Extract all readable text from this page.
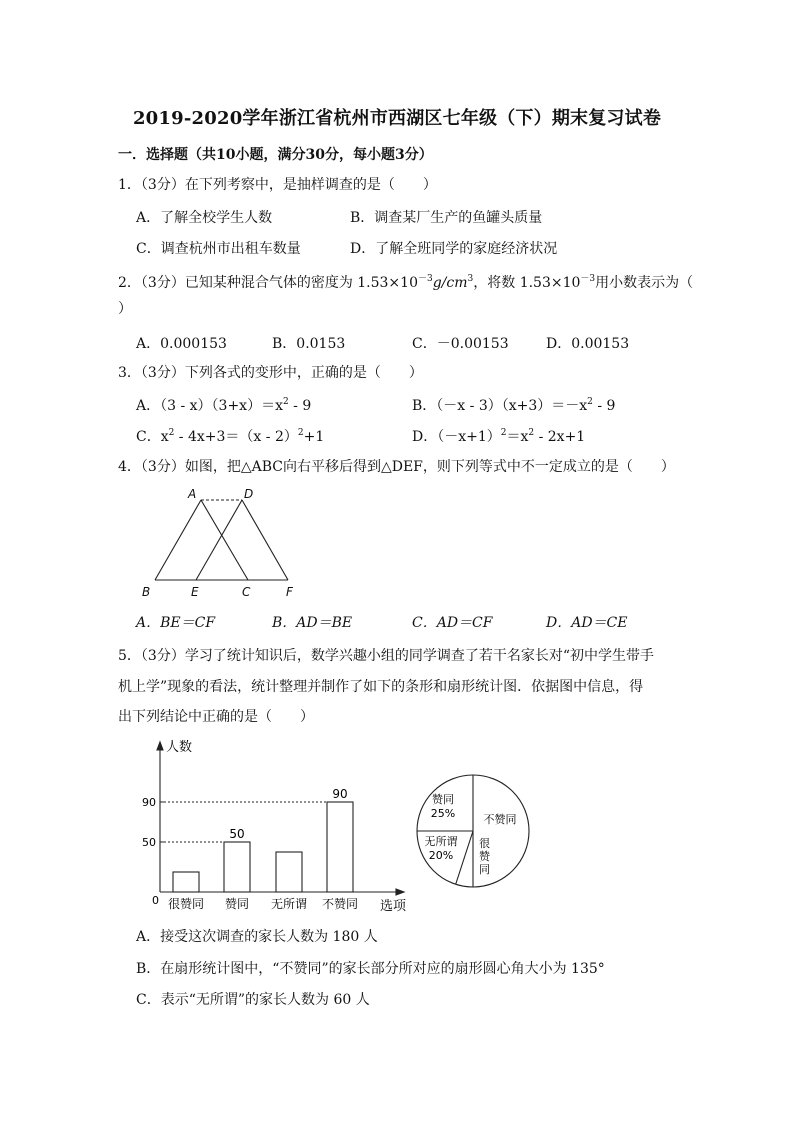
2019-2020学年浙江省杭州市西湖区七年级（下）期末复习试卷
一．选择题（共10小题，满分30分，每小题3分）
1．（3分）在下列考察中，是抽样调查的是（　　）
A．了解全校学生人数	B．调查某厂生产的鱼罐头质量
C．调查杭州市出租车数量	D．了解全班同学的家庭经济状况
2．（3分）已知某种混合气体的密度为 $1.53\times 10^{-3}g/cm^3$，将数 $1.53\times 10^{-3}$用小数表示为（
）
A．0.000153	B．0.0153	C．－0.00153	D．0.00153
3．（3分）下列各式的变形中，正确的是（　　）
A．$(3 - x)(3+x)=x^2 - 9$	B．$(-x - 3)(x+3)=-x^2 - 9$
C．$x^2 - 4x+3=(x - 2)^2+1$	D．$(-x+1)^2=x^2 - 2x+1$
4．（3分）如图，把△ABC向右平移后得到△DEF，则下列等式中不一定成立的是（　　）
A	D
B	E	C	F
A．BE＝CF	B．AD＝BE	C．AD＝CF	D．AD＝CE
5．（3分）学习了统计知识后，数学兴趣小组的同学调查了若干名家长对“初中学生带手
机上学”现象的看法，统计整理并制作了如下的条形和扇形统计图．依据图中信息，得
出下列结论中正确的是（　　）
人数
选项
0
50
90
很赞同
50
赞同 无所谓
90
不赞同
赞同
25%	不赞同
很
赞
同
无所谓
20%
A．接受这次调查的家长人数为 180 人
B．在扇形统计图中，“不赞同”的家长部分所对应的扇形圆心角大小为 135°
C．表示“无所谓”的家长人数为 60 人
